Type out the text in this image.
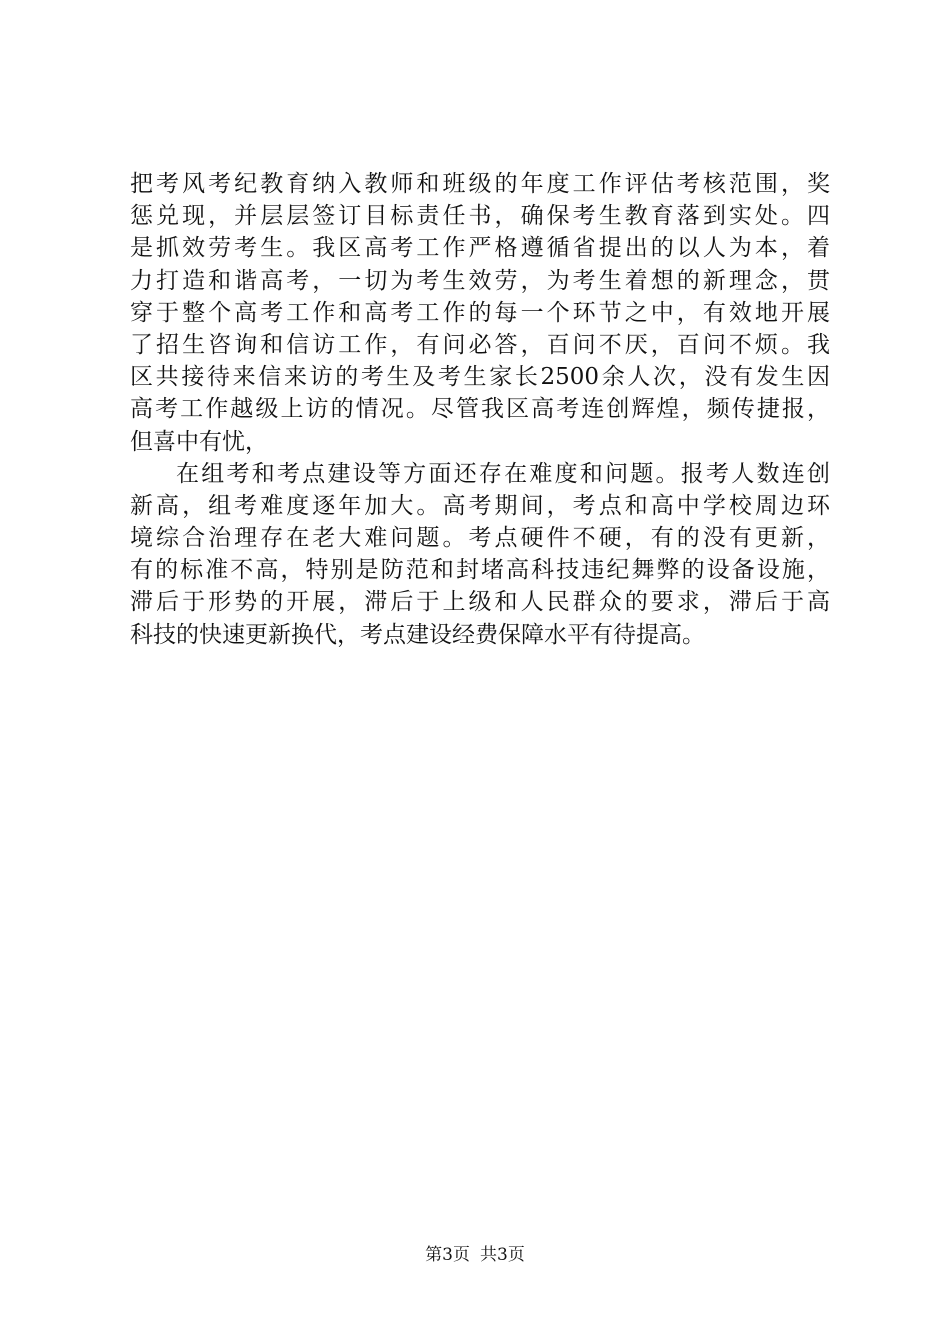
把考风考纪教育纳入教师和班级的年度工作评估考核范围，奖
惩兑现，并层层签订目标责任书，确保考生教育落到实处。四
是抓效劳考生。我区高考工作严格遵循省提出的以人为本，着
力打造和谐高考，一切为考生效劳，为考生着想的新理念，贯
穿于整个高考工作和高考工作的每一个环节之中，有效地开展
了招生咨询和信访工作，有问必答，百问不厌，百问不烦。我
区共接待来信来访的考生及考生家长2500余人次，没有发生因
高考工作越级上访的情况。尽管我区高考连创辉煌，频传捷报，
但喜中有忧，
在组考和考点建设等方面还存在难度和问题。报考人数连创
新高，组考难度逐年加大。高考期间，考点和高中学校周边环
境综合治理存在老大难问题。考点硬件不硬，有的没有更新，
有的标准不高，特别是防范和封堵高科技违纪舞弊的设备设施，
滞后于形势的开展，滞后于上级和人民群众的要求，滞后于高
科技的快速更新换代，考点建设经费保障水平有待提高。
第3页 共3页
